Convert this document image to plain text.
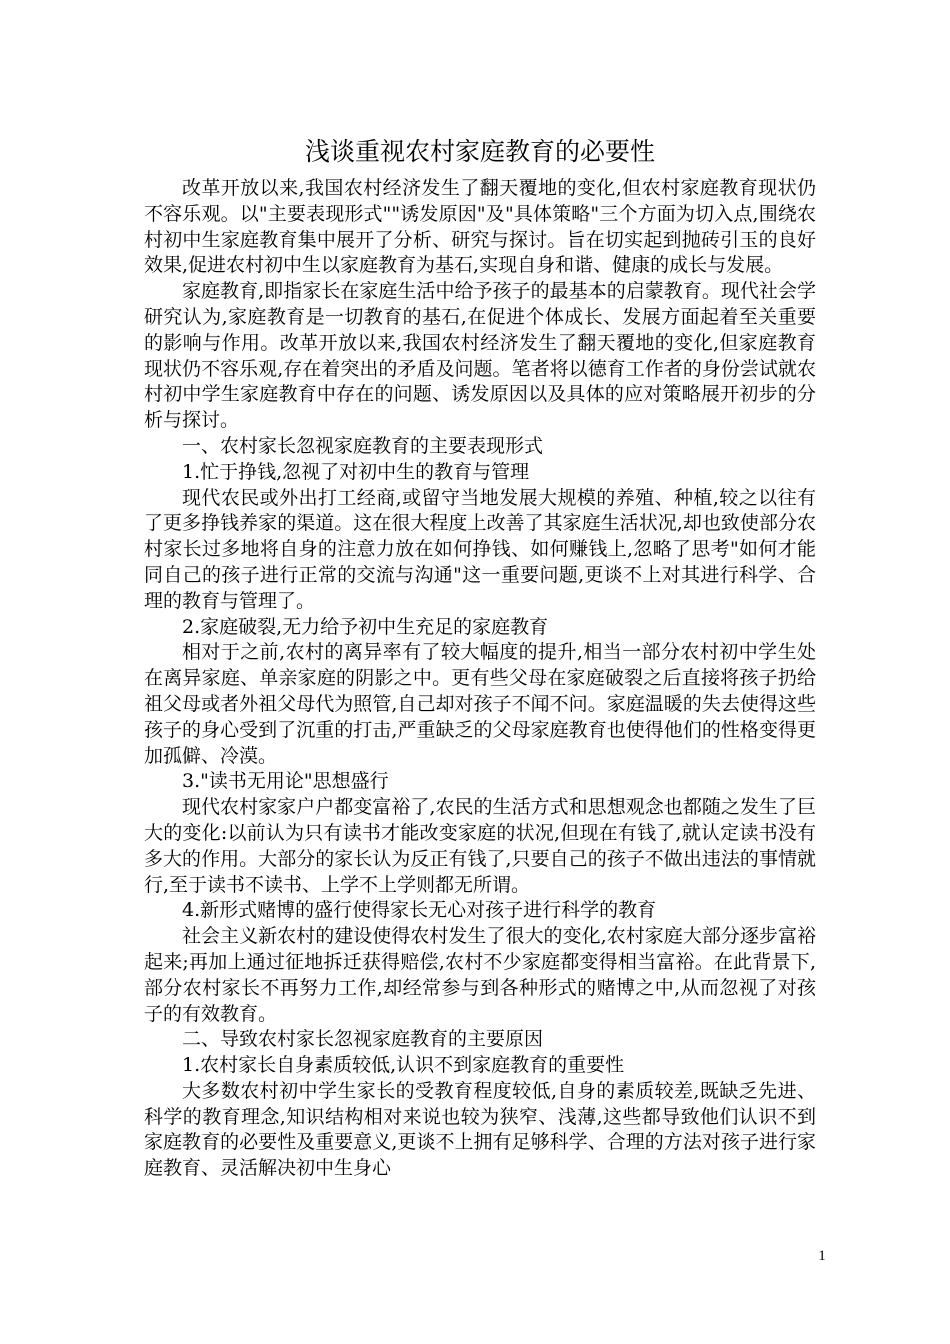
浅谈重视农村家庭教育的必要性

改革开放以来,我国农村经济发生了翻天覆地的变化,但农村家庭教育现状仍不容乐观。以"主要表现形式""诱发原因"及"具体策略"三个方面为切入点,围绕农村初中生家庭教育集中展开了分析、研究与探讨。旨在切实起到抛砖引玉的良好效果,促进农村初中生以家庭教育为基石,实现自身和谐、健康的成长与发展。

家庭教育,即指家长在家庭生活中给予孩子的最基本的启蒙教育。现代社会学研究认为,家庭教育是一切教育的基石,在促进个体成长、发展方面起着至关重要的影响与作用。改革开放以来,我国农村经济发生了翻天覆地的变化,但家庭教育现状仍不容乐观,存在着突出的矛盾及问题。笔者将以德育工作者的身份尝试就农村初中学生家庭教育中存在的问题、诱发原因以及具体的应对策略展开初步的分析与探讨。

一、农村家长忽视家庭教育的主要表现形式

1.忙于挣钱,忽视了对初中生的教育与管理

现代农民或外出打工经商,或留守当地发展大规模的养殖、种植,较之以往有了更多挣钱养家的渠道。这在很大程度上改善了其家庭生活状况,却也致使部分农村家长过多地将自身的注意力放在如何挣钱、如何赚钱上,忽略了思考"如何才能同自己的孩子进行正常的交流与沟通"这一重要问题,更谈不上对其进行科学、合理的教育与管理了。

2.家庭破裂,无力给予初中生充足的家庭教育

相对于之前,农村的离异率有了较大幅度的提升,相当一部分农村初中学生处在离异家庭、单亲家庭的阴影之中。更有些父母在家庭破裂之后直接将孩子扔给祖父母或者外祖父母代为照管,自己却对孩子不闻不问。家庭温暖的失去使得这些孩子的身心受到了沉重的打击,严重缺乏的父母家庭教育也使得他们的性格变得更加孤僻、冷漠。

3."读书无用论"思想盛行

现代农村家家户户都变富裕了,农民的生活方式和思想观念也都随之发生了巨大的变化:以前认为只有读书才能改变家庭的状况,但现在有钱了,就认定读书没有多大的作用。大部分的家长认为反正有钱了,只要自己的孩子不做出违法的事情就行,至于读书不读书、上学不上学则都无所谓。

4.新形式赌博的盛行使得家长无心对孩子进行科学的教育

社会主义新农村的建设使得农村发生了很大的变化,农村家庭大部分逐步富裕起来;再加上通过征地拆迁获得赔偿,农村不少家庭都变得相当富裕。在此背景下,部分农村家长不再努力工作,却经常参与到各种形式的赌博之中,从而忽视了对孩子的有效教育。

二、导致农村家长忽视家庭教育的主要原因

1.农村家长自身素质较低,认识不到家庭教育的重要性

大多数农村初中学生家长的受教育程度较低,自身的素质较差,既缺乏先进、科学的教育理念,知识结构相对来说也较为狭窄、浅薄,这些都导致他们认识不到家庭教育的必要性及重要意义,更谈不上拥有足够科学、合理的方法对孩子进行家庭教育、灵活解决初中生身心

1
